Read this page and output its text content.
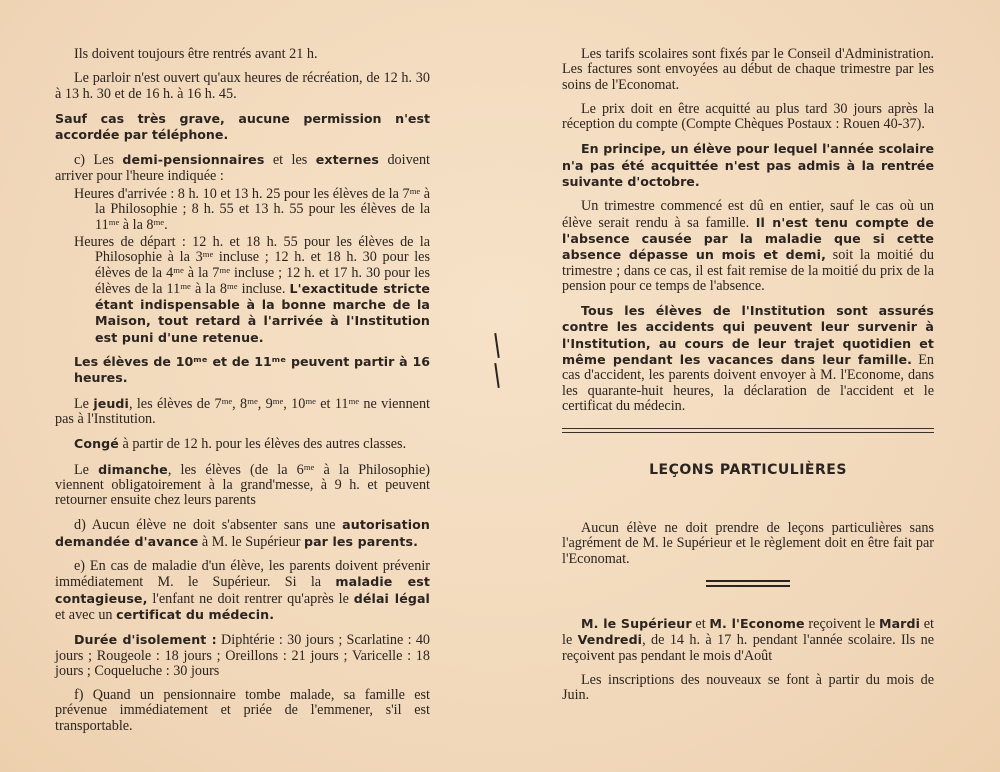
Ils doivent toujours être rentrés avant 21 h.

Le parloir n'est ouvert qu'aux heures de récréation, de 12 h. 30 à 13 h. 30 et de 16 h. à 16 h. 45.

Sauf cas très grave, aucune permission n'est accordée par téléphone.

c) Les demi-pensionnaires et les externes doivent arriver pour l'heure indiquée :

Heures d'arrivée : 8 h. 10 et 13 h. 25 pour les élèves de la 7ᵐᵉ à la Philosophie ; 8 h. 55 et 13 h. 55 pour les élèves de la 11ᵐᵉ à la 8ᵐᵉ.
Heures de départ : 12 h. et 18 h. 55 pour les élèves de la Philosophie à la 3ᵐᵉ incluse ; 12 h. et 18 h. 30 pour les élèves de la 4ᵐᵉ à la 7ᵐᵉ incluse ; 12 h. et 17 h. 30 pour les élèves de la 11ᵐᵉ à la 8ᵐᵉ incluse. L'exactitude stricte étant indispensable à la bonne marche de la Maison, tout retard à l'arrivée à l'Institution est puni d'une retenue.

Les élèves de 10ᵐᵉ et de 11ᵐᵉ peuvent partir à 16 heures.

Le jeudi, les élèves de 7ᵐᵉ, 8ᵐᵉ, 9ᵐᵉ, 10ᵐᵉ et 11ᵐᵉ ne viennent pas à l'Institution.

Congé à partir de 12 h. pour les élèves des autres classes.

Le dimanche, les élèves (de la 6ᵐᵉ à la Philosophie) viennent obligatoirement à la grand'messe, à 9 h. et peuvent retourner ensuite chez leurs parents

d) Aucun élève ne doit s'absenter sans une autorisation demandée d'avance à M. le Supérieur par les parents.

e) En cas de maladie d'un élève, les parents doivent prévenir immédiatement M. le Supérieur. Si la maladie est contagieuse, l'enfant ne doit rentrer qu'après le délai légal et avec un certificat du médecin.

Durée d'isolement : Diphtérie : 30 jours ; Scarlatine : 40 jours ; Rougeole : 18 jours ; Oreillons : 21 jours ; Varicelle : 18 jours ; Coqueluche : 30 jours

f) Quand un pensionnaire tombe malade, sa famille est prévenue immédiatement et priée de l'emmener, s'il est transportable.

Les tarifs scolaires sont fixés par le Conseil d'Administration. Les factures sont envoyées au début de chaque trimestre par les soins de l'Economat.

Le prix doit en être acquitté au plus tard 30 jours après la réception du compte (Compte Chèques Postaux : Rouen 40-37).

En principe, un élève pour lequel l'année scolaire n'a pas été acquittée n'est pas admis à la rentrée suivante d'octobre.

Un trimestre commencé est dû en entier, sauf le cas où un élève serait rendu à sa famille. Il n'est tenu compte de l'absence causée par la maladie que si cette absence dépasse un mois et demi, soit la moitié du trimestre ; dans ce cas, il est fait remise de la moitié du prix de la pension pour ce temps de l'absence.

Tous les élèves de l'Institution sont assurés contre les accidents qui peuvent leur survenir à l'Institution, au cours de leur trajet quotidien et même pendant les vacances dans leur famille. En cas d'accident, les parents doivent envoyer à M. l'Econome, dans les quarante-huit heures, la déclaration de l'accident et le certificat du médecin.

LEÇONS PARTICULIÈRES

Aucun élève ne doit prendre de leçons particulières sans l'agrément de M. le Supérieur et le règlement doit en être fait par l'Economat.

M. le Supérieur et M. l'Econome reçoivent le Mardi et le Vendredi, de 14 h. à 17 h. pendant l'année scolaire. Ils ne reçoivent pas pendant le mois d'Août

Les inscriptions des nouveaux se font à partir du mois de Juin.
